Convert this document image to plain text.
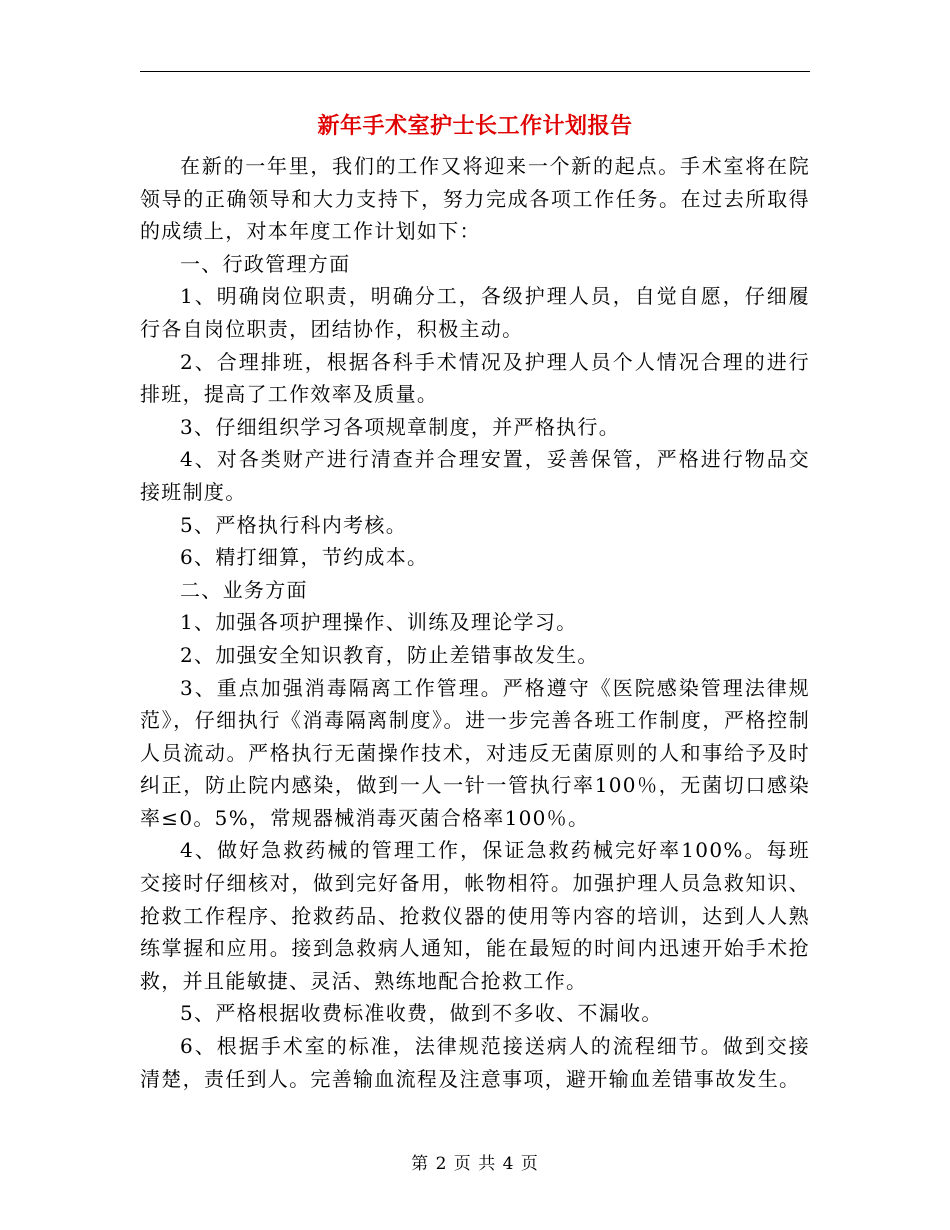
新年手术室护士长工作计划报告

在新的一年里，我们的工作又将迎来一个新的起点。手术室将在院领导的正确领导和大力支持下，努力完成各项工作任务。在过去所取得的成绩上，对本年度工作计划如下：

一、行政管理方面

1、明确岗位职责，明确分工，各级护理人员，自觉自愿，仔细履行各自岗位职责，团结协作，积极主动。

2、合理排班，根据各科手术情况及护理人员个人情况合理的进行排班，提高了工作效率及质量。

3、仔细组织学习各项规章制度，并严格执行。

4、对各类财产进行清查并合理安置，妥善保管，严格进行物品交接班制度。

5、严格执行科内考核。

6、精打细算，节约成本。

二、业务方面

1、加强各项护理操作、训练及理论学习。

2、加强安全知识教育，防止差错事故发生。

3、重点加强消毒隔离工作管理。严格遵守《医院感染管理法律规范》，仔细执行《消毒隔离制度》。进一步完善各班工作制度，严格控制人员流动。严格执行无菌操作技术，对违反无菌原则的人和事给予及时纠正，防止院内感染，做到一人一针一管执行率100％，无菌切口感染率≤0。5%，常规器械消毒灭菌合格率100％。

4、做好急救药械的管理工作，保证急救药械完好率100%。每班交接时仔细核对，做到完好备用，帐物相符。加强护理人员急救知识、抢救工作程序、抢救药品、抢救仪器的使用等内容的培训，达到人人熟练掌握和应用。接到急救病人通知，能在最短的时间内迅速开始手术抢救，并且能敏捷、灵活、熟练地配合抢救工作。

5、严格根据收费标准收费，做到不多收、不漏收。

6、根据手术室的标准，法律规范接送病人的流程细节。做到交接清楚，责任到人。完善输血流程及注意事项，避开输血差错事故发生。

第 2 页 共 4 页
